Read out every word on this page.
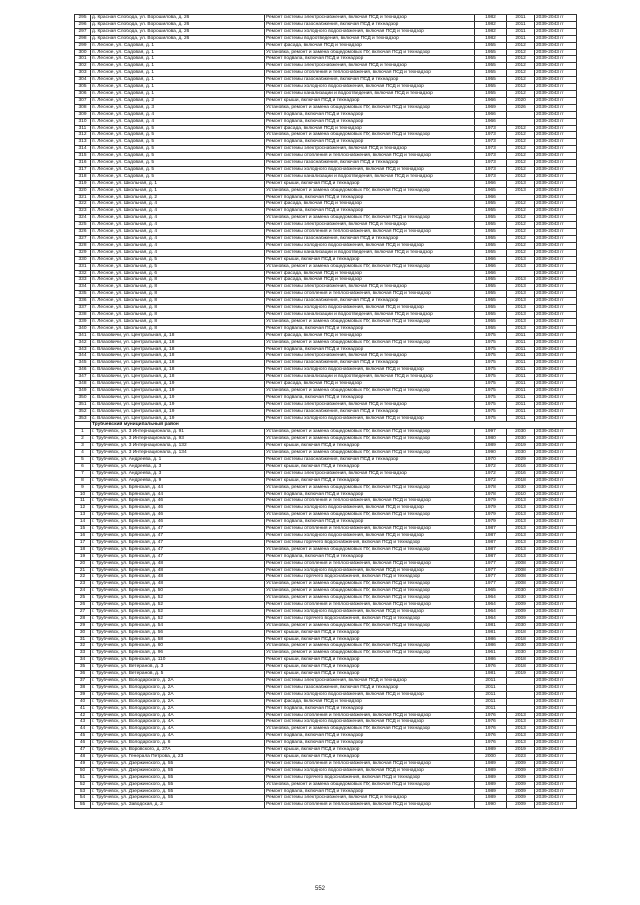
295	д. Красная Слобода, ул. Ворошилова, д. 26	Ремонт системы электроснабжения, включая ПСД и технадзор	1982	2011	2039-2043 гг
296	д. Красная Слобода, ул. Ворошилова, д. 26	Ремонт системы газоснабжения, включая ПСД и технадзор	1982	2011	2039-2043 гг
297	д. Красная Слобода, ул. Ворошилова, д. 26	Ремонт системы холодного водоснабжения, включая ПСД и технадзор	1982	2011	2039-2043 гг
298	д. Красная Слобода, ул. Ворошилова, д. 26	Ремонт системы водоотведения, включая ПСД и технадзор	1982	2011	2039-2043 гг
299	п. Лесное, ул. Садовая, д. 1	Ремонт фасада, включая ПСД и технадзор	1955	2012	2039-2043 гг
300	п. Лесное, ул. Садовая, д. 1	Установка, ремонт и замена общедомовых ПУ, включая ПСД и технадзор	1955	2012	2039-2043 гг
301	п. Лесное, ул. Садовая, д. 1	Ремонт подвала, включая ПСД и технадзор	1955	2012	2039-2043 гг
302	п. Лесное, ул. Садовая, д. 1	Ремонт системы электроснабжения, включая ПСД и технадзор	1955	2012	2039-2043 гг
303	п. Лесное, ул. Садовая, д. 1	Ремонт системы отопления и теплоснабжения, включая ПСД и технадзор	1955	2012	2039-2043 гг
304	п. Лесное, ул. Садовая, д. 1	Ремонт системы газоснабжения, включая ПСД и технадзор	1955	2012	2039-2043 гг
305	п. Лесное, ул. Садовая, д. 1	Ремонт системы холодного водоснабжения, включая ПСД и технадзор	1955	2012	2039-2043 гг
306	п. Лесное, ул. Садовая, д. 1	Ремонт системы канализации и водоотведения, включая ПСД и технадзор	1955	2012	2039-2043 гг
307	п. Лесное, ул. Садовая, д. 2	Ремонт крыши, включая ПСД и технадзор	1966	2020	2039-2043 гг
308	п. Лесное, ул. Садовая, д. 3	Установка, ремонт и замена общедомовых ПУ, включая ПСД и технадзор	1969	2026	2039-2043 гг
309	п. Лесное, ул. Садовая, д. 4	Ремонт подвала, включая ПСД и технадзор	1966		2039-2043 гг
310	п. Лесное, ул. Садовая, д. 4	Ремонт подвала, включая ПСД и технадзор	1966		2039-2043 гг
311	п. Лесное, ул. Садовая, д. 5	Ремонт фасада, включая ПСД и технадзор	1973	2012	2039-2043 гг
312	п. Лесное, ул. Садовая, д. 5	Установка, ремонт и замена общедомовых ПУ, включая ПСД и технадзор	1973	2012	2039-2043 гг
313	п. Лесное, ул. Садовая, д. 5	Ремонт подвала, включая ПСД и технадзор	1973	2012	2039-2043 гг
314	п. Лесное, ул. Садовая, д. 5	Ремонт системы электроснабжения, включая ПСД и технадзор	1973	2012	2039-2043 гг
315	п. Лесное, ул. Садовая, д. 5	Ремонт системы отопления и теплоснабжения, включая ПСД и технадзор	1973	2012	2039-2043 гг
316	п. Лесное, ул. Садовая, д. 5	Ремонт системы газоснабжения, включая ПСД и технадзор	1973	2012	2039-2043 гг
317	п. Лесное, ул. Садовая, д. 5	Ремонт системы холодного водоснабжения, включая ПСД и технадзор	1973	2012	2039-2043 гг
318	п. Лесное, ул. Садовая, д. 5	Ремонт системы канализации и водоотведения, включая ПСД и технадзор	1973	2012	2039-2043 гг
319	п. Лесное, ул. Школьная, д. 1	Ремонт крыши, включая ПСД и технадзор	1966	2013	2039-2043 гг
320	п. Лесное, ул. Школьная, д. 1	Установка, ремонт и замена общедомовых ПУ, включая ПСД и технадзор	1965	2013	2039-2043 гг
321	п. Лесное, ул. Школьная, д. 2	Ремонт подвала, включая ПСД и технадзор	1966		2039-2043 гг
322	п. Лесное, ул. Школьная, д. 4	Ремонт фасада, включая ПСД и технадзор	1955	2012	2039-2043 гг
323	п. Лесное, ул. Школьная, д. 4	Ремонт подвала, включая ПСД и технадзор	1955	2012	2039-2043 гг
324	п. Лесное, ул. Школьная, д. 4	Установка, ремонт и замена общедомовых ПУ, включая ПСД и технадзор	1955	2012	2039-2043 гг
325	п. Лесное, ул. Школьная, д. 4	Ремонт системы электроснабжения, включая ПСД и технадзор	1955	2012	2039-2043 гг
326	п. Лесное, ул. Школьная, д. 4	Ремонт системы отопления и теплоснабжения, включая ПСД и технадзор	1955	2012	2039-2043 гг
327	п. Лесное, ул. Школьная, д. 4	Ремонт системы газоснабжения, включая ПСД и технадзор	1955	2012	2039-2043 гг
328	п. Лесное, ул. Школьная, д. 4	Ремонт системы холодного водоснабжения, включая ПСД и технадзор	1955	2012	2039-2043 гг
329	п. Лесное, ул. Школьная, д. 4	Ремонт системы канализации и водоотведения, включая ПСД и технадзор	1955	2012	2039-2043 гг
330	п. Лесное, ул. Школьная, д. 5	Ремонт крыши, включая ПСД и технадзор	1966	2013	2039-2043 гг
331	п. Лесное, ул. Школьная, д. 5	Установка, ремонт и замена общедомовых ПУ, включая ПСД и технадзор	1966	2013	2039-2043 гг
332	п. Лесное, ул. Школьная, д. 6	Ремонт фасада, включая ПСД и технадзор	1966		2039-2043 гг
333	п. Лесное, ул. Школьная, д. 8	Ремонт фасада, включая ПСД и технадзор	1955	2013	2039-2043 гг
334	п. Лесное, ул. Школьная, д. 8	Ремонт системы электроснабжения, включая ПСД и технадзор	1955	2013	2039-2043 гг
335	п. Лесное, ул. Школьная, д. 8	Ремонт системы отопления и теплоснабжения, включая ПСД и технадзор	1955	2013	2039-2043 гг
336	п. Лесное, ул. Школьная, д. 8	Ремонт системы газоснабжения, включая ПСД и технадзор	1955	2013	2039-2043 гг
337	п. Лесное, ул. Школьная, д. 8	Ремонт системы холодного водоснабжения, включая ПСД и технадзор	1955	2013	2039-2043 гг
338	п. Лесное, ул. Школьная, д. 8	Ремонт системы канализации и водоотведения, включая ПСД и технадзор	1955	2013	2039-2043 гг
339	п. Лесное, ул. Школьная, д. 8	Установка, ремонт и замена общедомовых ПУ, включая ПСД и технадзор	1955	2013	2039-2043 гг
340	п. Лесное, ул. Школьная, д. 8	Ремонт подвала, включая ПСД и технадзор	1955	2013	2039-2043 гг
341	с. Влазовичи, ул. Центральная, д. 18	Ремонт фасада, включая ПСД и технадзор	1975	2011	2039-2043 гг
342	с. Влазовичи, ул. Центральная, д. 18	Установка, ремонт и замена общедомовых ПУ, включая ПСД и технадзор	1975	2011	2039-2043 гг
343	с. Влазовичи, ул. Центральная, д. 18	Ремонт подвала, включая ПСД и технадзор	1975	2011	2039-2043 гг
344	с. Влазовичи, ул. Центральная, д. 18	Ремонт системы электроснабжения, включая ПСД и технадзор	1975	2011	2039-2043 гг
345	с. Влазовичи, ул. Центральная, д. 18	Ремонт системы газоснабжения, включая ПСД и технадзор	1975	2011	2039-2043 гг
346	с. Влазовичи, ул. Центральная, д. 18	Ремонт системы холодного водоснабжения, включая ПСД и технадзор	1975	2011	2039-2043 гг
347	с. Влазовичи, ул. Центральная, д. 18	Ремонт системы канализации и водоотведения, включая ПСД и технадзор	1975	2011	2039-2043 гг
348	с. Влазовичи, ул. Центральная, д. 19	Ремонт фасада, включая ПСД и технадзор	1975	2011	2039-2043 гг
349	с. Влазовичи, ул. Центральная, д. 19	Установка, ремонт и замена общедомовых ПУ, включая ПСД и технадзор	1975	2011	2039-2043 гг
350	с. Влазовичи, ул. Центральная, д. 19	Ремонт подвала, включая ПСД и технадзор	1975	2011	2039-2043 гг
351	с. Влазовичи, ул. Центральная, д. 19	Ремонт системы электроснабжения, включая ПСД и технадзор	1975	2011	2039-2043 гг
352	с. Влазовичи, ул. Центральная, д. 19	Ремонт системы газоснабжения, включая ПСД и технадзор	1975	2011	2039-2043 гг
353	с. Влазовичи, ул. Центральная, д. 19	Ремонт системы холодного водоснабжения, включая ПСД и технадзор	1975	2011	2039-2043 гг
	Трубчевский муниципальный район				
1	г. Трубчевск, ул. 3 Интернационала, д. 91	Установка, ремонт и замена общедомовых ПУ, включая ПСД и технадзор	1997	2030	2039-2043 гг
2	г. Трубчевск, ул. 3 Интернационала, д. 93	Установка, ремонт и замена общедомовых ПУ, включая ПСД и технадзор	1980	2030	2039-2043 гг
3	г. Трубчевск, ул. 3 Интернационала, д. 132	Ремонт крыши, включая ПСД и технадзор	1989	2019	2039-2043 гг
4	г. Трубчевск, ул. 3 Интернационала, д. 134	Установка, ремонт и замена общедомовых ПУ, включая ПСД и технадзор	1990	2030	2039-2043 гг
5	г. Трубчевск, ул. Андреева, д. 1	Ремонт системы газоснабжения, включая ПСД и технадзор	1970	2029	2039-2043 гг
6	г. Трубчевск, ул. Андреева, д. 3	Ремонт крыши, включая ПСД и технадзор	1972	2016	2039-2043 гг
7	г. Трубчевск, ул. Андреева, д. 3	Ремонт системы электроснабжения, включая ПСД и технадзор	1972	2016	2039-2043 гг
8	г. Трубчевск, ул. Андреева, д. 9	Ремонт крыши, включая ПСД и технадзор	1972	2018	2039-2043 гг
9	г. Трубчевск, ул. Брянская, д. 44	Установка, ремонт и замена общедомовых ПУ, включая ПСД и технадзор	1978	2030	2039-2043 гг
10	г. Трубчевск, ул. Брянская, д. 44	Ремонт подвала, включая ПСД и технадзор	1978	2010	2039-2043 гг
11	г. Трубчевск, ул. Брянская, д. 46	Ремонт системы отопления и теплоснабжения, включая ПСД и технадзор	1979	2013	2039-2043 гг
12	г. Трубчевск, ул. Брянская, д. 46	Ремонт системы холодного водоснабжения, включая ПСД и технадзор	1979	2013	2039-2043 гг
13	г. Трубчевск, ул. Брянская, д. 46	Установка, ремонт и замена общедомовых ПУ, включая ПСД и технадзор	1979	2013	2039-2043 гг
14	г. Трубчевск, ул. Брянская, д. 46	Ремонт подвала, включая ПСД и технадзор	1979	2013	2039-2043 гг
15	г. Трубчевск, ул. Брянская, д. 47	Ремонт системы отопления и теплоснабжения, включая ПСД и технадзор	1987	2013	2039-2043 гг
16	г. Трубчевск, ул. Брянская, д. 47	Ремонт системы холодного водоснабжения, включая ПСД и технадзор	1987	2013	2039-2043 гг
17	г. Трубчевск, ул. Брянская, д. 47	Ремонт системы горячего водоснабжения, включая ПСД и технадзор	1987	2013	2039-2043 гг
18	г. Трубчевск, ул. Брянская, д. 47	Установка, ремонт и замена общедомовых ПУ, включая ПСД и технадзор	1987	2013	2039-2043 гг
19	г. Трубчевск, ул. Брянская, д. 47	Ремонт подвала, включая ПСД и технадзор	1987	2013	2039-2043 гг
20	г. Трубчевск, ул. Брянская, д. 48	Ремонт системы отопления и теплоснабжения, включая ПСД и технадзор	1977	2008	2039-2043 гг
21	г. Трубчевск, ул. Брянская, д. 48	Ремонт системы холодного водоснабжения, включая ПСД и технадзор	1977	2008	2039-2043 гг
22	г. Трубчевск, ул. Брянская, д. 48	Ремонт системы горячего водоснабжения, включая ПСД и технадзор	1977	2008	2039-2043 гг
23	г. Трубчевск, ул. Брянская, д. 48	Установка, ремонт и замена общедомовых ПУ, включая ПСД и технадзор	1977	2008	2039-2043 гг
24	г. Трубчевск, ул. Брянская, д. 50	Установка, ремонт и замена общедомовых ПУ, включая ПСД и технадзор	1965	2030	2039-2043 гг
25	г. Трубчевск, ул. Брянская, д. 52	Установка, ремонт и замена общедомовых ПУ, включая ПСД и технадзор	1964	2030	2039-2043 гг
26	г. Трубчевск, ул. Брянская, д. 52	Ремонт системы отопления и теплоснабжения, включая ПСД и технадзор	1964	2009	2039-2043 гг
27	г. Трубчевск, ул. Брянская, д. 52	Ремонт системы холодного водоснабжения, включая ПСД и технадзор	1964	2009	2039-2043 гг
28	г. Трубчевск, ул. Брянская, д. 52	Ремонт системы горячего водоснабжения, включая ПСД и технадзор	1964	2009	2039-2043 гг
29	г. Трубчевск, ул. Брянская, д. 54	Установка, ремонт и замена общедомовых ПУ, включая ПСД и технадзор	1981	2030	2039-2043 гг
30	г. Трубчевск, ул. Брянская, д. 56	Ремонт крыши, включая ПСД и технадзор	1981	2018	2039-2043 гг
31	г. Трубчевск, ул. Брянская, д. 58	Ремонт крыши, включая ПСД и технадзор	1986	2018	2039-2043 гг
32	г. Трубчевск, ул. Брянская, д. 60	Установка, ремонт и замена общедомовых ПУ, включая ПСД и технадзор	1986	2030	2039-2043 гг
33	г. Трубчевск, ул. Брянская, д. 96	Установка, ремонт и замена общедомовых ПУ, включая ПСД и технадзор	1961	2030	2039-2043 гг
34	г. Трубчевск, ул. Брянская, д. 110	Ремонт крыши, включая ПСД и технадзор	1986	2018	2039-2043 гг
35	г. Трубчевск, ул. Ветеранов, д. 3	Ремонт крыши, включая ПСД и технадзор	1976	2018	2039-2043 гг
36	г. Трубчевск, ул. Ветеранов, д. 5	Ремонт крыши, включая ПСД и технадзор	1981	2019	2039-2043 гг
37	г. Трубчевск, ул. Володарского, д. 2А	Ремонт системы электроснабжения, включая ПСД и технадзор	2011		2039-2043 гг
38	г. Трубчевск, ул. Володарского, д. 2А	Ремонт системы газоснабжения, включая ПСД и технадзор	2011		2039-2043 гг
39	г. Трубчевск, ул. Володарского, д. 2А	Ремонт системы холодного водоснабжения, включая ПСД и технадзор	2011		2039-2043 гг
40	г. Трубчевск, ул. Володарского, д. 2А	Ремонт фасада, включая ПСД и технадзор	2011		2039-2043 гг
41	г. Трубчевск, ул. Володарского, д. 2А	Ремонт подвала, включая ПСД и технадзор	2011		2039-2043 гг
42	г. Трубчевск, ул. Володарского, д. 4А	Ремонт системы отопления и теплоснабжения, включая ПСД и технадзор	1976	2013	2039-2043 гг
43	г. Трубчевск, ул. Володарского, д. 4А	Ремонт системы холодного водоснабжения, включая ПСД и технадзор	1976	2013	2039-2043 гг
44	г. Трубчевск, ул. Володарского, д. 4А	Установка, ремонт и замена общедомовых ПУ, включая ПСД и технадзор	1976	2013	2039-2043 гг
45	г. Трубчевск, ул. Володарского, д. 4А	Ремонт подвала, включая ПСД и технадзор	1976	2013	2039-2043 гг
46	г. Трубчевск, ул. Володарского, д. 6	Ремонт подвала, включая ПСД и технадзор	1976	2013	2039-2043 гг
47	г. Трубчевск, ул. Воровского, д. 27А	Ремонт крыши, включая ПСД и технадзор	1989	2019	2039-2043 гг
48	г. Трубчевск, ул. Генерала Петрова, д. 23	Ремонт крыши, включая ПСД и технадзор	2000	2023	2039-2043 гг
49	г. Трубчевск, ул. Дзержинского, д. 55	Ремонт системы отопления и теплоснабжения, включая ПСД и технадзор	1989	2009	2039-2043 гг
50	г. Трубчевск, ул. Дзержинского, д. 55	Ремонт системы холодного водоснабжения, включая ПСД и технадзор	1989	2009	2039-2043 гг
51	г. Трубчевск, ул. Дзержинского, д. 55	Ремонт системы горячего водоснабжения, включая ПСД и технадзор	1989	2009	2039-2043 гг
52	г. Трубчевск, ул. Дзержинского, д. 55	Установка, ремонт и замена общедомовых ПУ, включая ПСД и технадзор	1989	2009	2039-2043 гг
53	г. Трубчевск, ул. Дзержинского, д. 55	Ремонт подвала, включая ПСД и технадзор	1989	2009	2039-2043 гг
54	г. Трубчевск, ул. Дзержинского, д. 55	Ремонт системы электроснабжения, включая ПСД и технадзор	1989	2009	2039-2043 гг
55	г. Трубчевск, ул. Заводская, д. 2	Ремонт системы отопления и теплоснабжения, включая ПСД и технадзор	1990	2009	2039-2043 гг
552
